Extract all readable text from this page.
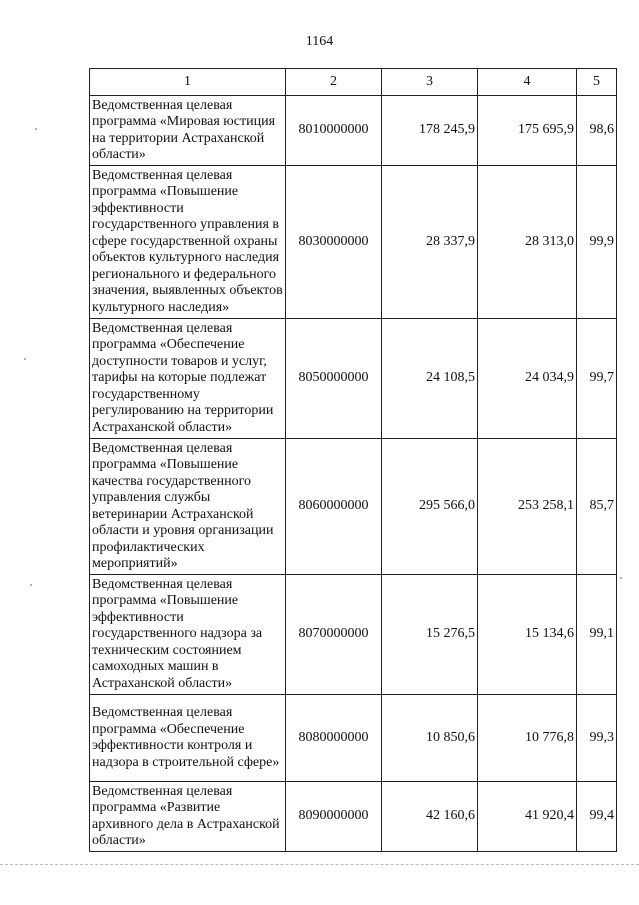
1164
1	2	3	4	5
Ведомственная целевая программа «Мировая юстиция на территории Астраханской области»	8010000000	178 245,9	175 695,9	98,6
Ведомственная целевая программа «Повышение эффективности государственного управления в сфере государственной охраны объектов культурного наследия регионального и федерального значения, выявленных объектов культурного наследия»	8030000000	28 337,9	28 313,0	99,9
Ведомственная целевая программа «Обеспечение доступности товаров и услуг, тарифы на которые подлежат государственному регулированию на территории Астраханской области»	8050000000	24 108,5	24 034,9	99,7
Ведомственная целевая программа «Повышение качества государственного управления службы ветеринарии Астраханской области и уровня организации профилактических мероприятий»	8060000000	295 566,0	253 258,1	85,7
Ведомственная целевая программа «Повышение эффективности государственного надзора за техническим состоянием самоходных машин в Астраханской области»	8070000000	15 276,5	15 134,6	99,1
Ведомственная целевая программа «Обеспечение эффективности контроля и надзора в строительной сфере»	8080000000	10 850,6	10 776,8	99,3
Ведомственная целевая программа «Развитие архивного дела в Астраханской области»	8090000000	42 160,6	41 920,4	99,4
